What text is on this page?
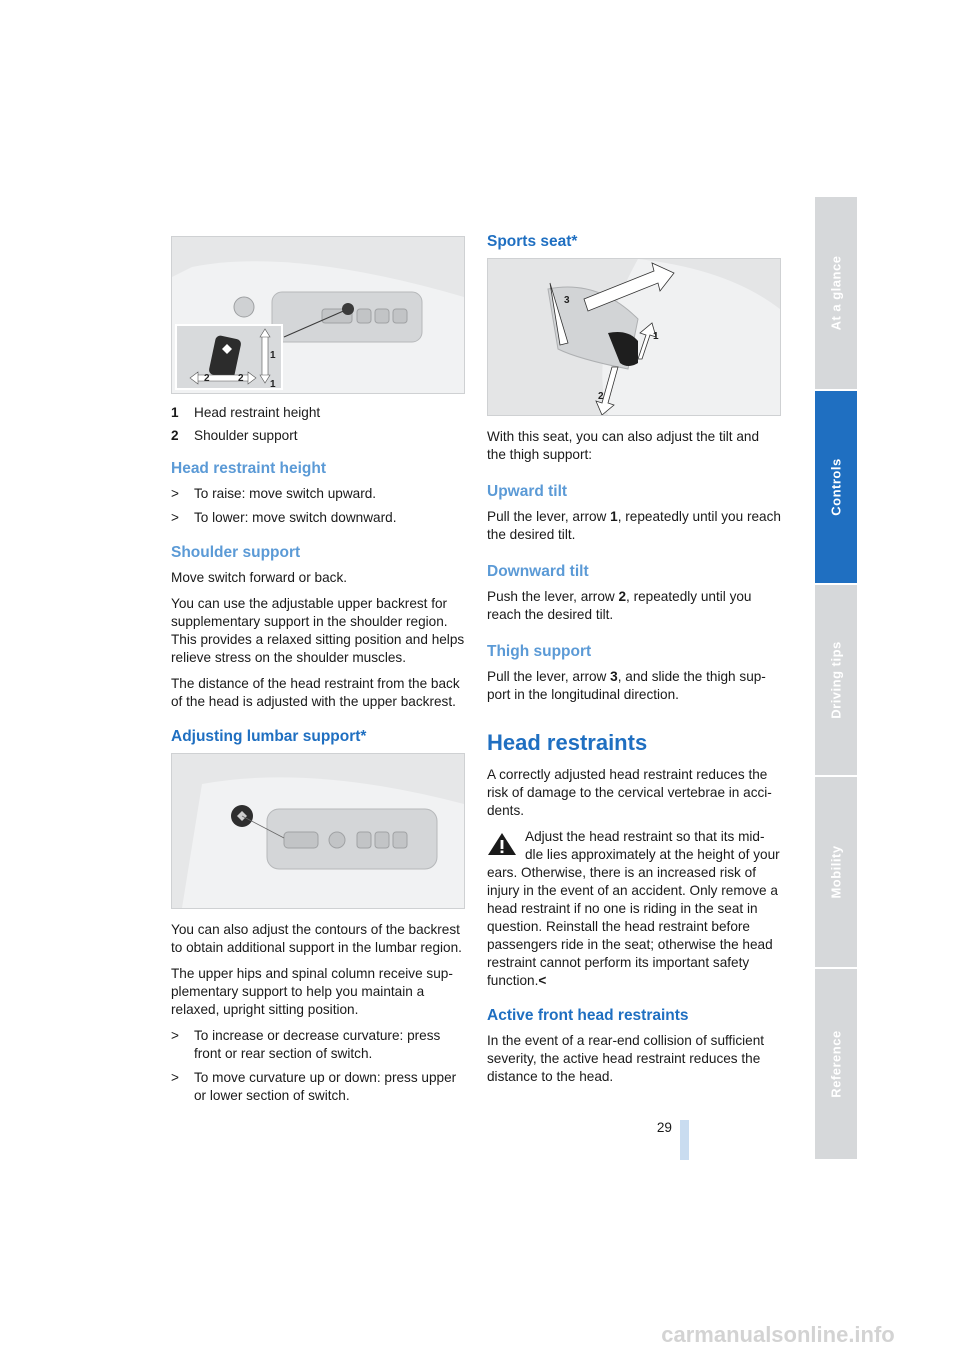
1
2	2
1
1	Head restraint height
2	Shoulder support
Head restraint height
>	To raise: move switch upward.
>	To lower: move switch downward.
Shoulder support

Move switch forward or back.

You can use the adjustable upper backrest for supplementary support in the shoulder region. This provides a relaxed sitting position and helps relieve stress on the shoulder muscles.

The distance of the head restraint from the back of the head is adjusted with the upper backrest.

Adjusting lumbar support*

You can also adjust the contours of the backrest to obtain additional support in the lumbar region.

The upper hips and spinal column receive sup-plementary support to help you maintain a relaxed, upright sitting position.

>	To increase or decrease curvature: press front or rear section of switch.
>	To move curvature up or down: press upper or lower section of switch.
Sports seat*
1
2
3

With this seat, you can also adjust the tilt and the thigh support:

Upward tilt

Pull the lever, arrow 1, repeatedly until you reach the desired tilt.

Downward tilt

Push the lever, arrow 2, repeatedly until you reach the desired tilt.

Thigh support

Pull the lever, arrow 3, and slide the thigh sup-port in the longitudinal direction.

Head restraints

A correctly adjusted head restraint reduces the risk of damage to the cervical vertebrae in acci-dents.

Adjust the head restraint so that its mid-dle lies approximately at the height of your ears. Otherwise, there is an increased risk of injury in the event of an accident. Only remove a head restraint if no one is riding in the seat in question. Reinstall the head restraint before passengers ride in the seat; otherwise the head restraint cannot perform its important safety function.<

Active front head restraints

In the event of a rear-end collision of sufficient severity, the active head restraint reduces the distance to the head.

At a glance
Controls
Driving tips
Mobility
Reference
29
carmanualsonline.info
